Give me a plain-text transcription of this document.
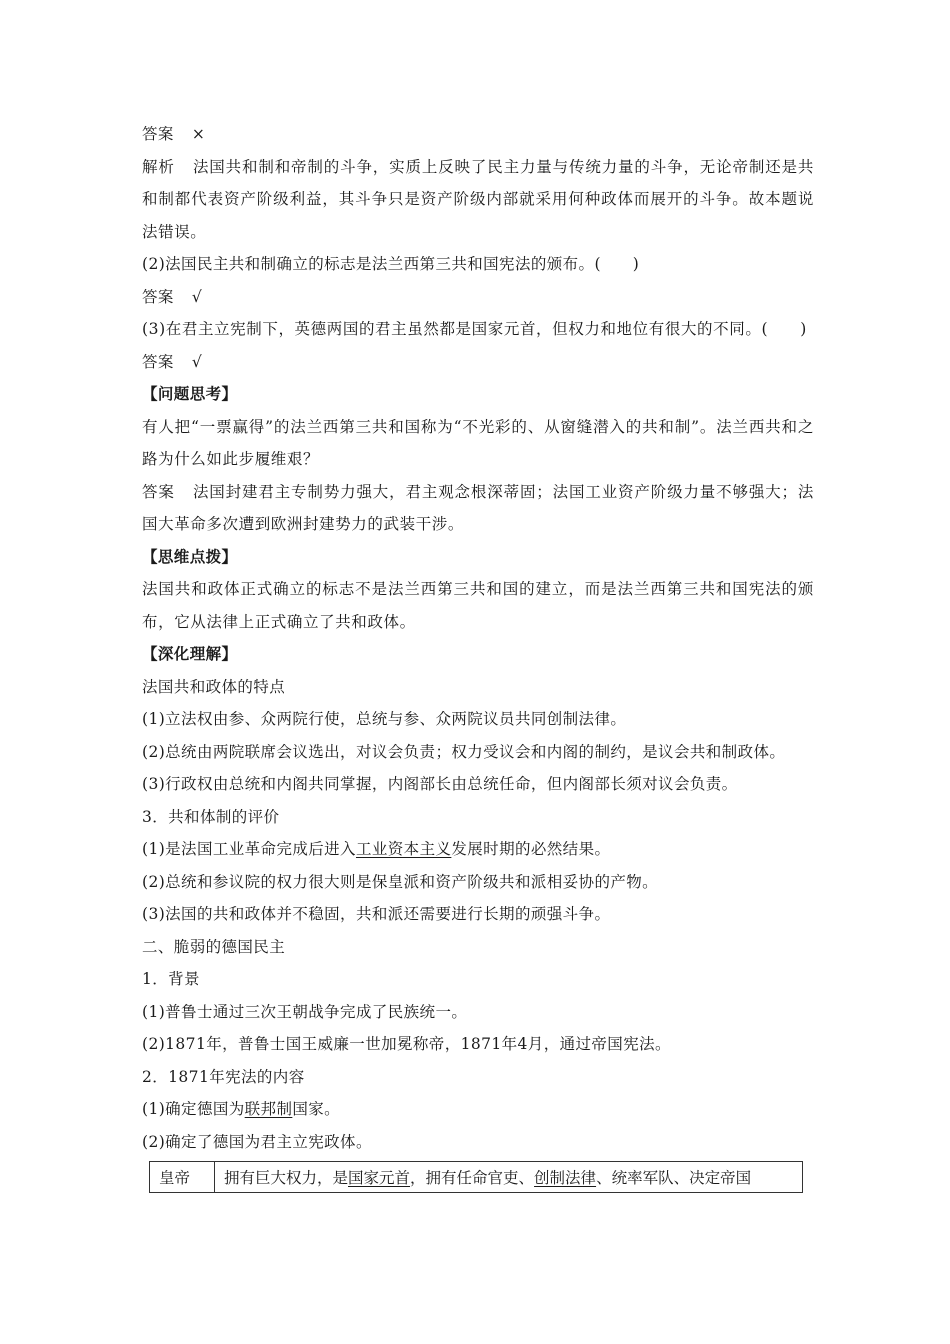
答案 ×
解析 法国共和制和帝制的斗争，实质上反映了民主力量与传统力量的斗争，无论帝制还是共和制都代表资产阶级利益，其斗争只是资产阶级内部就采用何种政体而展开的斗争。故本题说法错误。
(2)法国民主共和制确立的标志是法兰西第三共和国宪法的颁布。(　　)
答案 √
(3)在君主立宪制下，英德两国的君主虽然都是国家元首，但权力和地位有很大的不同。(　　)
答案 √
【问题思考】
有人把“一票赢得”的法兰西第三共和国称为“不光彩的、从窗缝潜入的共和制”。法兰西共和之路为什么如此步履维艰？
答案 法国封建君主专制势力强大，君主观念根深蒂固；法国工业资产阶级力量不够强大；法国大革命多次遭到欧洲封建势力的武装干涉。
【思维点拨】
法国共和政体正式确立的标志不是法兰西第三共和国的建立，而是法兰西第三共和国宪法的颁布，它从法律上正式确立了共和政体。
【深化理解】
法国共和政体的特点
(1)立法权由参、众两院行使，总统与参、众两院议员共同创制法律。
(2)总统由两院联席会议选出，对议会负责；权力受议会和内阁的制约，是议会共和制政体。
(3)行政权由总统和内阁共同掌握，内阁部长由总统任命，但内阁部长须对议会负责。
3．共和体制的评价
(1)是法国工业革命完成后进入工业资本主义发展时期的必然结果。
(2)总统和参议院的权力很大则是保皇派和资产阶级共和派相妥协的产物。
(3)法国的共和政体并不稳固，共和派还需要进行长期的顽强斗争。
二、脆弱的德国民主
1．背景
(1)普鲁士通过三次王朝战争完成了民族统一。
(2)1871年，普鲁士国王威廉一世加冕称帝，1871年4月，通过帝国宪法。
2．1871年宪法的内容
(1)确定德国为联邦制国家。
(2)确定了德国为君主立宪政体。
皇帝	拥有巨大权力，是国家元首，拥有任命官吏、创制法律、统率军队、决定帝国
